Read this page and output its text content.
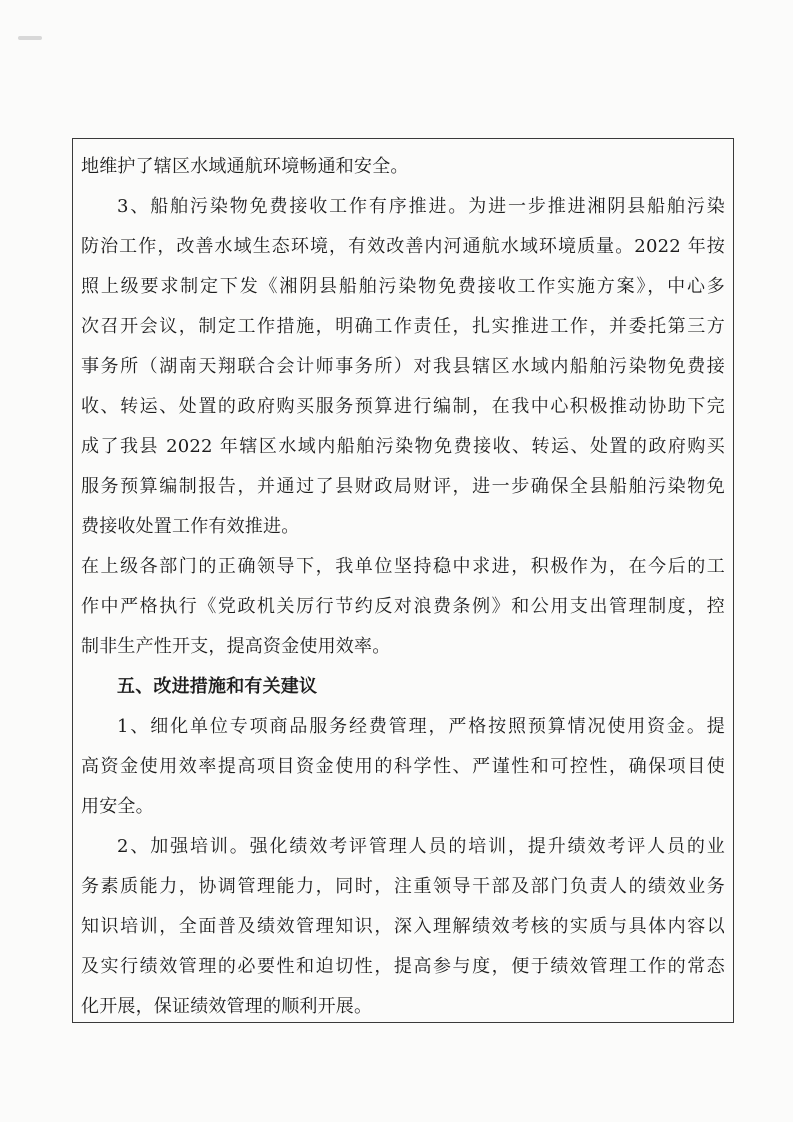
地维护了辖区水域通航环境畅通和安全。
3、船舶污染物免费接收工作有序推进。为进一步推进湘阴县船舶污染
防治工作，改善水域生态环境，有效改善内河通航水域环境质量。2022 年按
照上级要求制定下发《湘阴县船舶污染物免费接收工作实施方案》，中心多
次召开会议，制定工作措施，明确工作责任，扎实推进工作，并委托第三方
事务所（湖南天翔联合会计师事务所）对我县辖区水域内船舶污染物免费接
收、转运、处置的政府购买服务预算进行编制，在我中心积极推动协助下完
成了我县 2022 年辖区水域内船舶污染物免费接收、转运、处置的政府购买
服务预算编制报告，并通过了县财政局财评，进一步确保全县船舶污染物免
费接收处置工作有效推进。
在上级各部门的正确领导下，我单位坚持稳中求进，积极作为，在今后的工
作中严格执行《党政机关厉行节约反对浪费条例》和公用支出管理制度，控
制非生产性开支，提高资金使用效率。
五、改进措施和有关建议
1、细化单位专项商品服务经费管理，严格按照预算情况使用资金。提
高资金使用效率提高项目资金使用的科学性、严谨性和可控性，确保项目使
用安全。
2、加强培训。强化绩效考评管理人员的培训，提升绩效考评人员的业
务素质能力，协调管理能力，同时，注重领导干部及部门负责人的绩效业务
知识培训，全面普及绩效管理知识，深入理解绩效考核的实质与具体内容以
及实行绩效管理的必要性和迫切性，提高参与度，便于绩效管理工作的常态
化开展，保证绩效管理的顺利开展。
